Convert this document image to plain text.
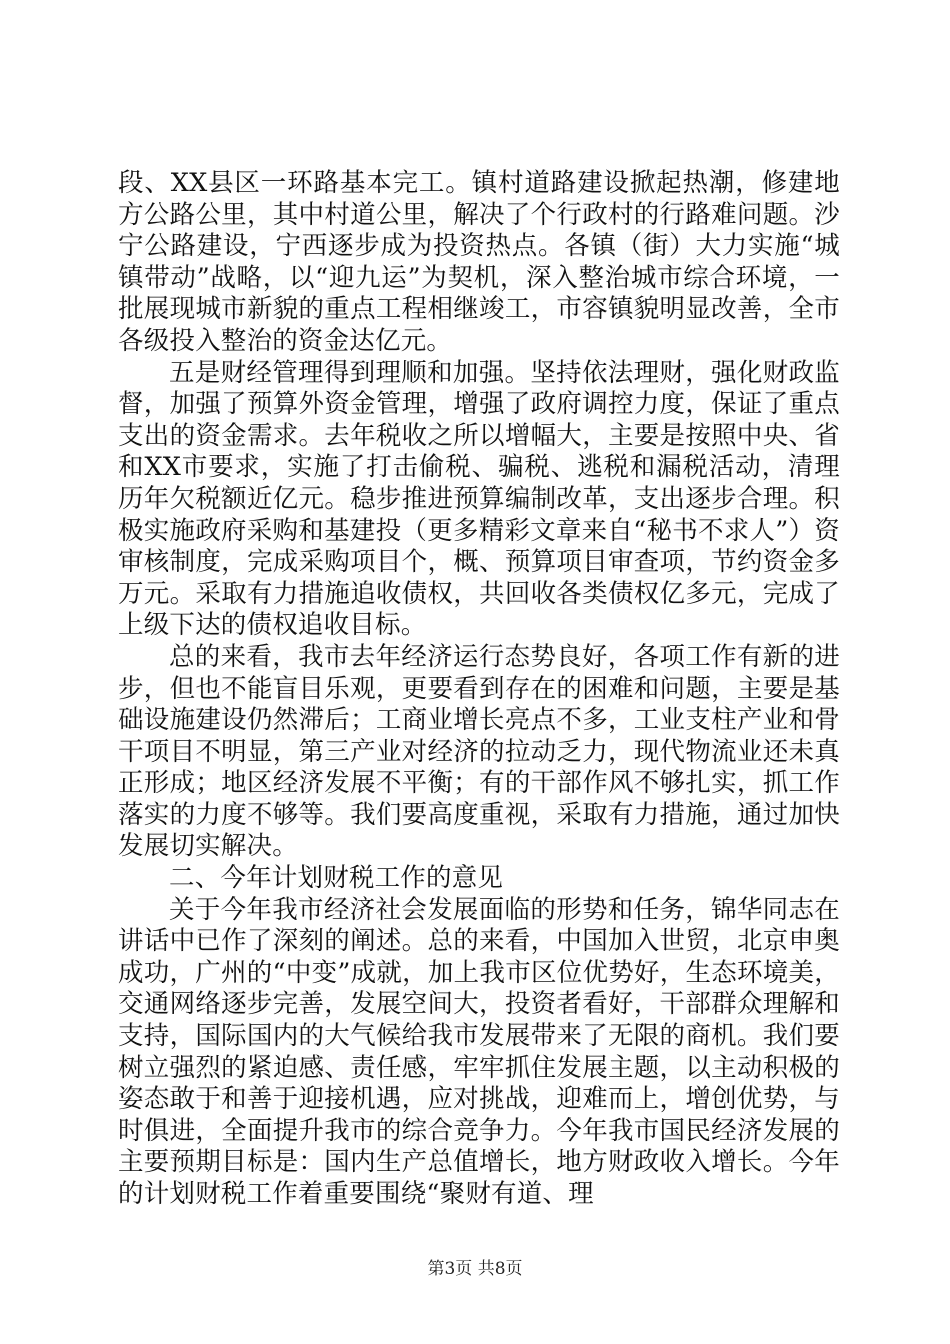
段、XX县区一环路基本完工。镇村道路建设掀起热潮，修建地方公路公里，其中村道公里，解决了个行政村的行路难问题。沙宁公路建设，宁西逐步成为投资热点。各镇（街）大力实施“城镇带动”战略，以“迎九运”为契机，深入整治城市综合环境，一批展现城市新貌的重点工程相继竣工，市容镇貌明显改善，全市各级投入整治的资金达亿元。

五是财经管理得到理顺和加强。坚持依法理财，强化财政监督，加强了预算外资金管理，增强了政府调控力度，保证了重点支出的资金需求。去年税收之所以增幅大，主要是按照中央、省和XX市要求，实施了打击偷税、骗税、逃税和漏税活动，清理历年欠税额近亿元。稳步推进预算编制改革，支出逐步合理。积极实施政府采购和基建投（更多精彩文章来自“秘书不求人”）资审核制度，完成采购项目个，概、预算项目审查项，节约资金多万元。采取有力措施追收债权，共回收各类债权亿多元，完成了上级下达的债权追收目标。

总的来看，我市去年经济运行态势良好，各项工作有新的进步，但也不能盲目乐观，更要看到存在的困难和问题，主要是基础设施建设仍然滞后；工商业增长亮点不多，工业支柱产业和骨干项目不明显，第三产业对经济的拉动乏力，现代物流业还未真正形成；地区经济发展不平衡；有的干部作风不够扎实，抓工作落实的力度不够等。我们要高度重视，采取有力措施，通过加快发展切实解决。

二、今年计划财税工作的意见

关于今年我市经济社会发展面临的形势和任务，锦华同志在讲话中已作了深刻的阐述。总的来看，中国加入世贸，北京申奥成功，广州的“中变”成就，加上我市区位优势好，生态环境美，交通网络逐步完善，发展空间大，投资者看好，干部群众理解和支持，国际国内的大气候给我市发展带来了无限的商机。我们要树立强烈的紧迫感、责任感，牢牢抓住发展主题，以主动积极的姿态敢于和善于迎接机遇，应对挑战，迎难而上，增创优势，与时俱进，全面提升我市的综合竞争力。今年我市国民经济发展的主要预期目标是：国内生产总值增长，地方财政收入增长。今年的计划财税工作着重要围绕“聚财有道、理

第3页 共8页
